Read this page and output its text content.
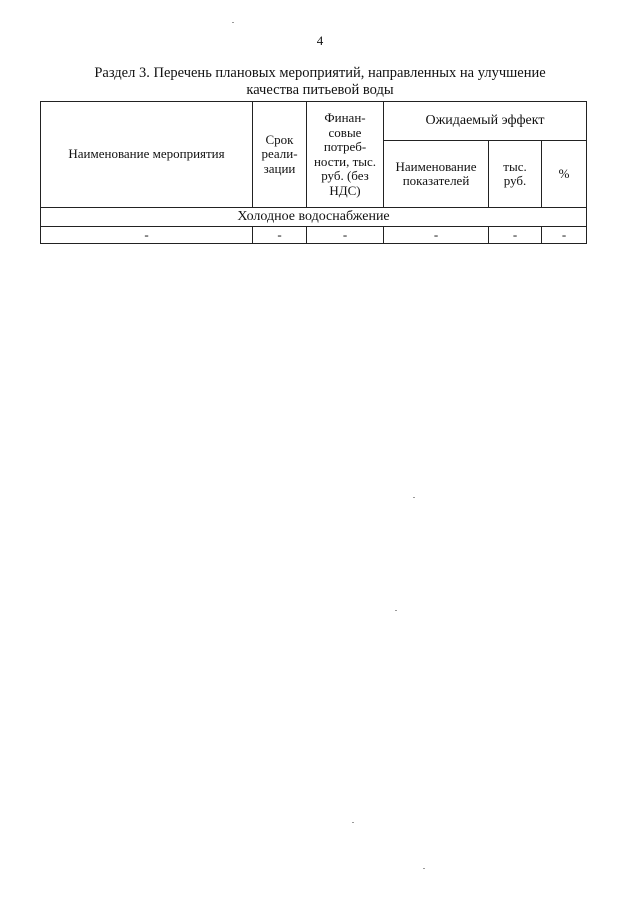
4
Раздел 3. Перечень плановых мероприятий, направленных на улучшение
качества питьевой воды
Наименование мероприятия	Срок реали- зации	Финан- совые потреб- ности, тыс. руб. (без НДС)	Ожидаемый эффект		
			Наименование показателей	тыс. руб.	%
Холодное водоснабжение					
-	-	-	-	-	-
